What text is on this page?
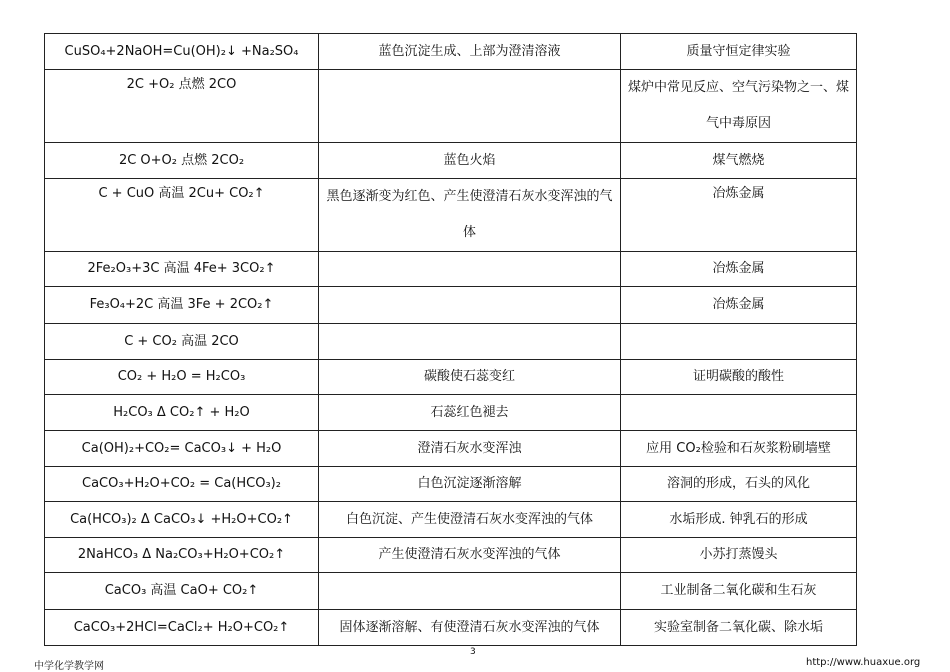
CuSO₄+2NaOH=Cu(OH)₂↓ +Na₂SO₄	蓝色沉淀生成、上部为澄清溶液	质量守恒定律实验
2C +O₂ 点燃 2CO		煤炉中常见反应、空气污染物之一、煤气中毒原因

2C O+O₂ 点燃 2CO₂	蓝色火焰	煤气燃烧
C + CuO 高温 2Cu+ CO₂↑	黑色逐渐变为红色、产生使澄清石灰水变浑浊的气体	冶炼金属
2Fe₂O₃+3C 高温 4Fe+ 3CO₂↑		冶炼金属
Fe₃O₄+2C 高温 3Fe + 2CO₂↑		冶炼金属
C + CO₂ 高温 2CO		
CO₂ + H₂O = H₂CO₃	碳酸使石蕊变红	证明碳酸的酸性
H₂CO₃ Δ CO₂↑ + H₂O	石蕊红色褪去	
Ca(OH)₂+CO₂= CaCO₃↓ + H₂O	澄清石灰水变浑浊	应用 CO₂检验和石灰浆粉刷墙壁
CaCO₃+H₂O+CO₂ = Ca(HCO₃)₂	白色沉淀逐渐溶解	溶洞的形成，石头的风化
Ca(HCO₃)₂ Δ CaCO₃↓ +H₂O+CO₂↑	白色沉淀、产生使澄清石灰水变浑浊的气体	水垢形成. 钟乳石的形成
2NaHCO₃ Δ Na₂CO₃+H₂O+CO₂↑	产生使澄清石灰水变浑浊的气体	小苏打蒸馒头
CaCO₃ 高温 CaO+ CO₂↑		工业制备二氧化碳和生石灰
CaCO₃+2HCl=CaCl₂+ H₂O+CO₂↑	固体逐渐溶解、有使澄清石灰水变浑浊的气体	实验室制备二氧化碳、除水垢
中学化学教学网
3
http://www.huaxue.org
